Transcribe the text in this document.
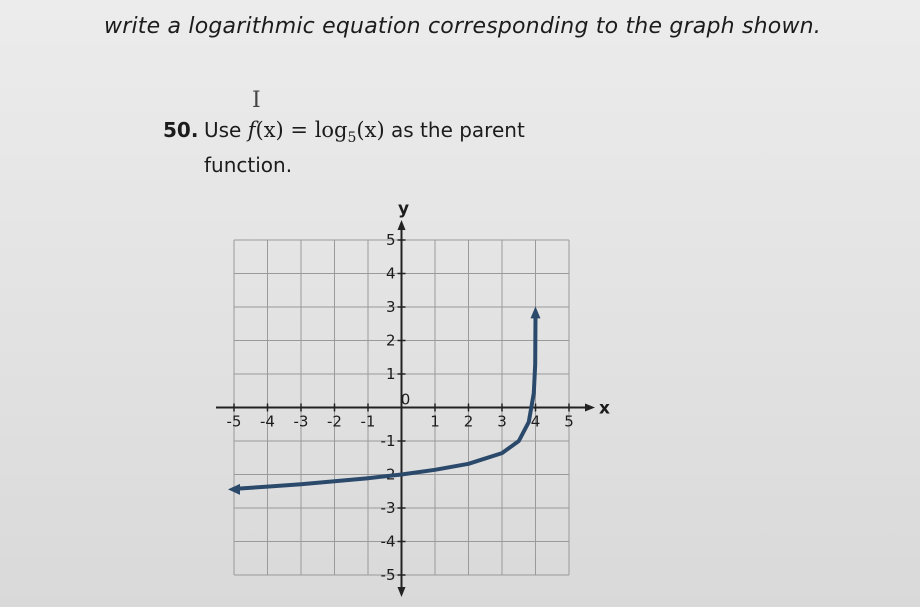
write a logarithmic equation corresponding to the graph shown.
I
50. Use $f(x) = \log_5(x)$ as the parent
function.
x
y
-5 -4 -3 -2 -1
0
1 2 3 4 5
5
4
3
2
1
-1
-2
-3
-4
-5
